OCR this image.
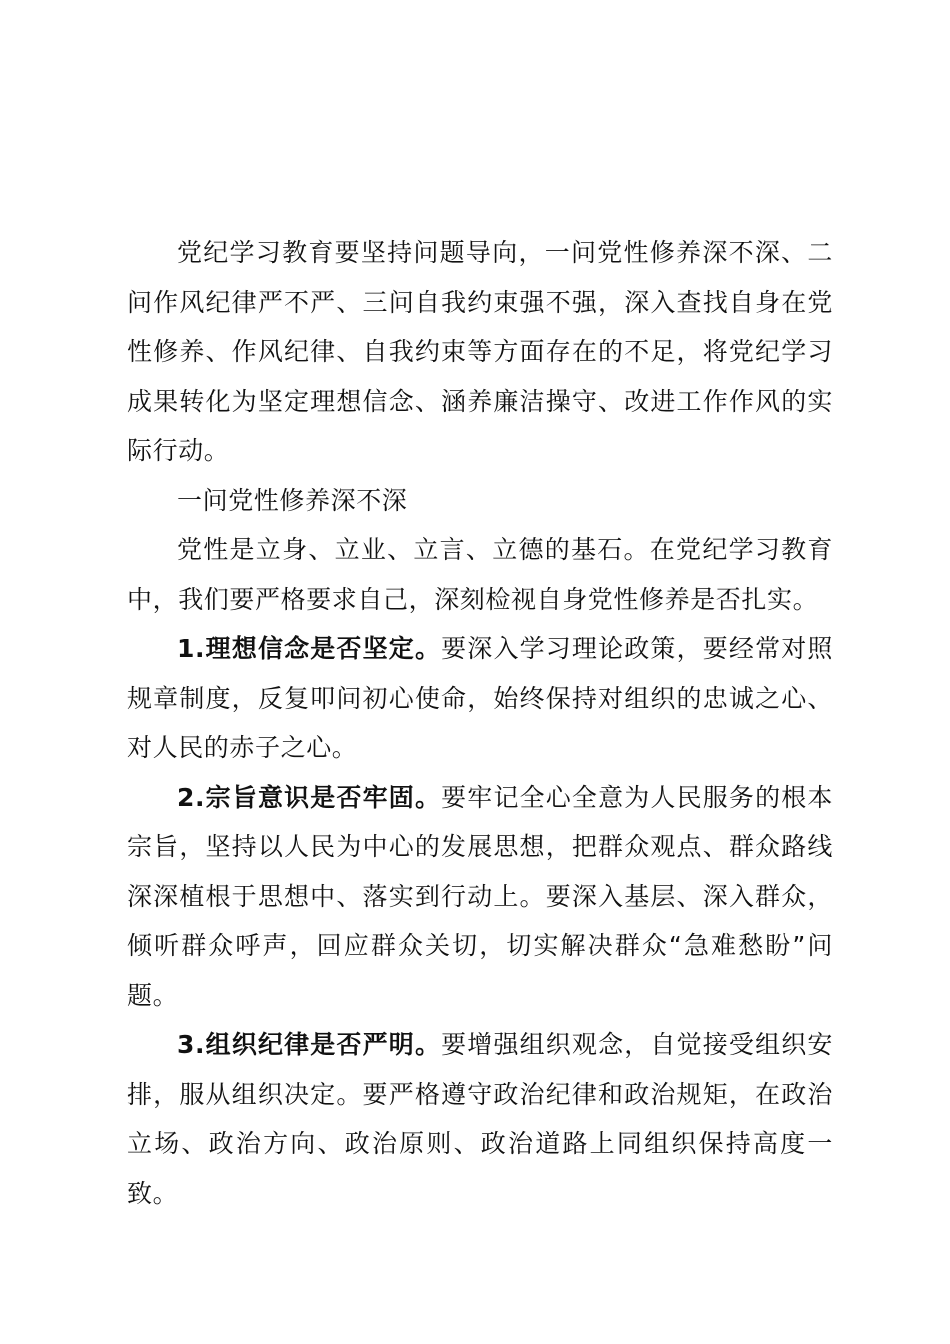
党纪学习教育要坚持问题导向，一问党性修养深不深、二问作风纪律严不严、三问自我约束强不强，深入查找自身在党性修养、作风纪律、自我约束等方面存在的不足，将党纪学习成果转化为坚定理想信念、涵养廉洁操守、改进工作作风的实际行动。

一问党性修养深不深

党性是立身、立业、立言、立德的基石。在党纪学习教育中，我们要严格要求自己，深刻检视自身党性修养是否扎实。

1.理想信念是否坚定。要深入学习理论政策，要经常对照规章制度，反复叩问初心使命，始终保持对组织的忠诚之心、对人民的赤子之心。

2.宗旨意识是否牢固。要牢记全心全意为人民服务的根本宗旨，坚持以人民为中心的发展思想，把群众观点、群众路线深深植根于思想中、落实到行动上。要深入基层、深入群众，倾听群众呼声，回应群众关切，切实解决群众“急难愁盼”问题。

3.组织纪律是否严明。要增强组织观念，自觉接受组织安排，服从组织决定。要严格遵守政治纪律和政治规矩，在政治立场、政治方向、政治原则、政治道路上同组织保持高度一致。
